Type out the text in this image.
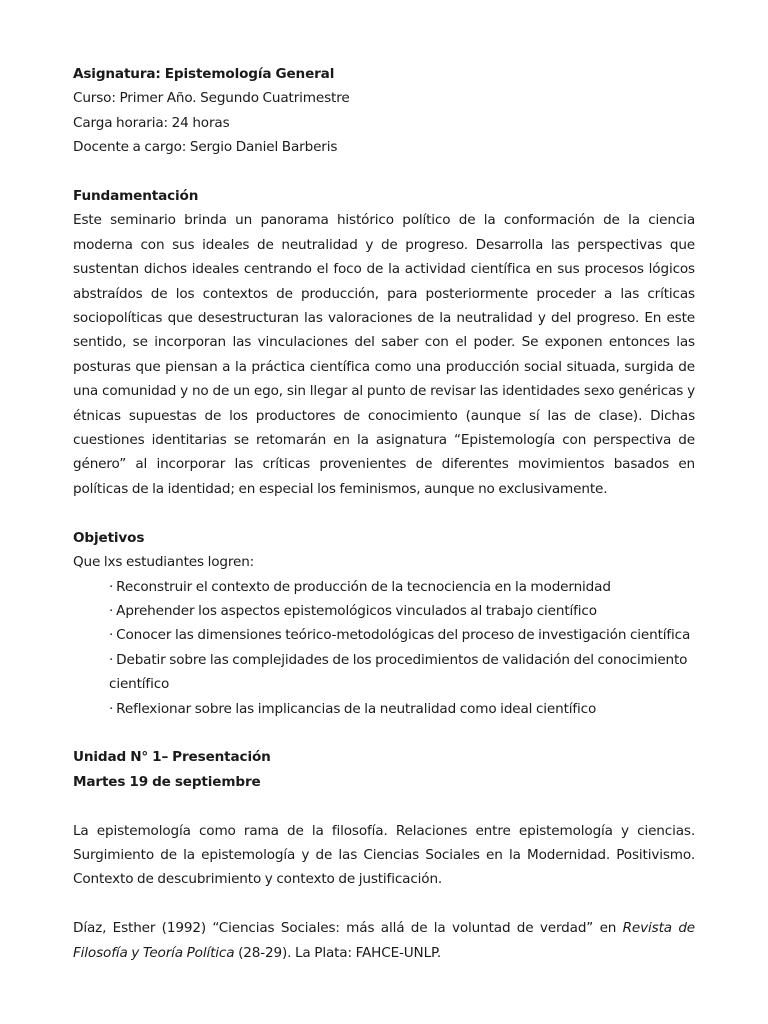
Asignatura: Epistemología General
Curso: Primer Año. Segundo Cuatrimestre
Carga horaria: 24 horas
Docente a cargo: Sergio Daniel Barberis
Fundamentación

Este seminario brinda un panorama histórico político de la conformación de la ciencia moderna con sus ideales de neutralidad y de progreso. Desarrolla las perspectivas que sustentan dichos ideales centrando el foco de la actividad científica en sus procesos lógicos abstraídos de los contextos de producción, para posteriormente proceder a las críticas sociopolíticas que desestructuran las valoraciones de la neutralidad y del progreso. En este sentido, se incorporan las vinculaciones del saber con el poder. Se exponen entonces las posturas que piensan a la práctica científica como una producción social situada, surgida de una comunidad y no de un ego, sin llegar al punto de revisar las identidades sexo genéricas y étnicas supuestas de los productores de conocimiento (aunque sí las de clase). Dichas cuestiones identitarias se retomarán en la asignatura “Epistemología con perspectiva de género” al incorporar las críticas provenientes de diferentes movimientos basados en políticas de la identidad; en especial los feminismos, aunque no exclusivamente.

Objetivos
Que lxs estudiantes logren:
· Reconstruir el contexto de producción de la tecnociencia en la modernidad
· Aprehender los aspectos epistemológicos vinculados al trabajo científico
· Conocer las dimensiones teórico-metodológicas del proceso de investigación científica
· Debatir sobre las complejidades de los procedimientos de validación del conocimiento científico
· Reflexionar sobre las implicancias de la neutralidad como ideal científico
Unidad N° 1– Presentación
Martes 19 de septiembre

La epistemología como rama de la filosofía. Relaciones entre epistemología y ciencias. Surgimiento de la epistemología y de las Ciencias Sociales en la Modernidad. Positivismo. Contexto de descubrimiento y contexto de justificación.

Díaz, Esther (1992) “Ciencias Sociales: más allá de la voluntad de verdad” en Revista de Filosofía y Teoría Política (28-29). La Plata: FAHCE-UNLP.
